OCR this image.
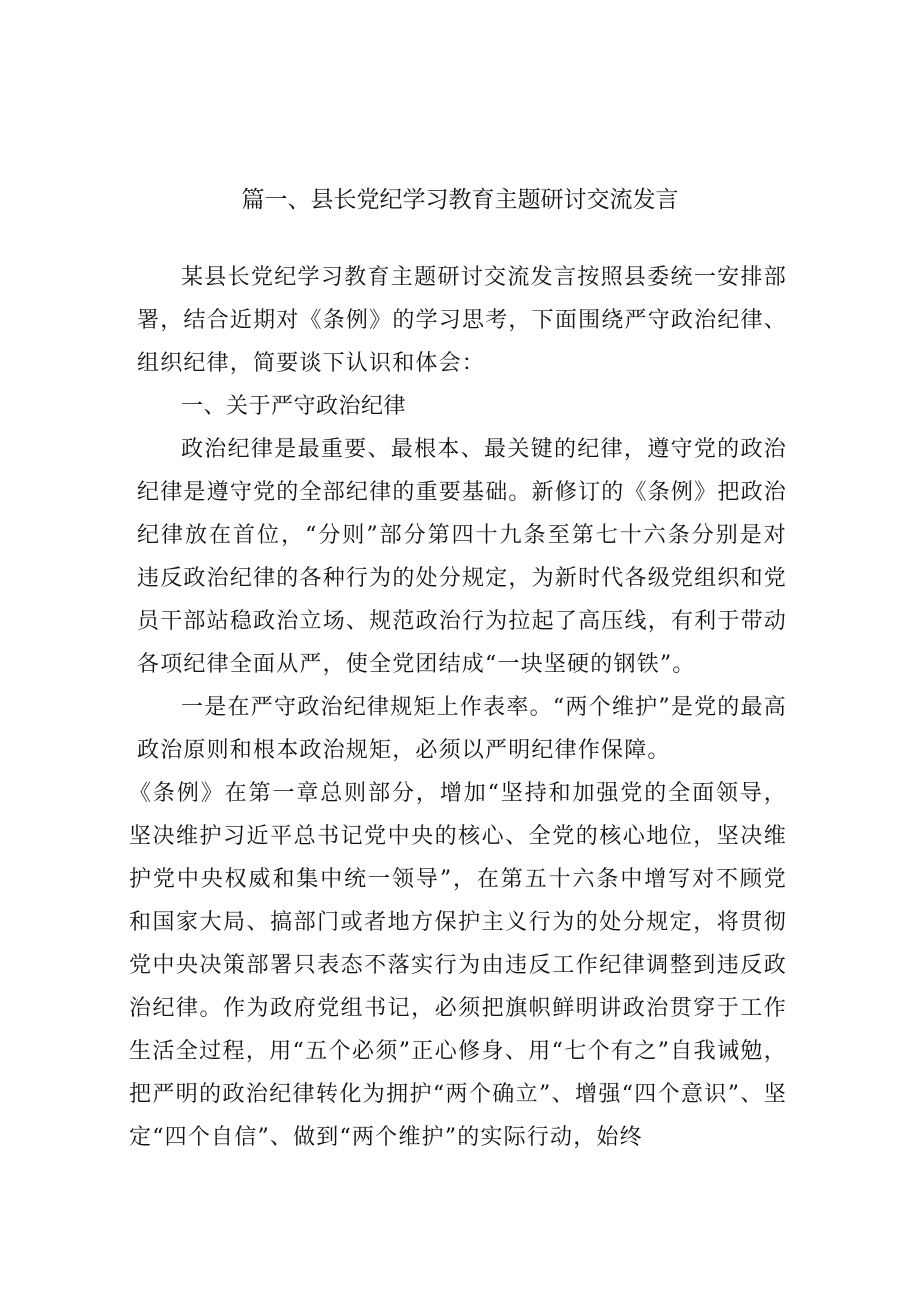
篇一、县长党纪学习教育主题研讨交流发言

某县长党纪学习教育主题研讨交流发言按照县委统一安排部署，结合近期对《条例》的学习思考，下面围绕严守政治纪律、组织纪律，简要谈下认识和体会：

一、关于严守政治纪律

政治纪律是最重要、最根本、最关键的纪律，遵守党的政治纪律是遵守党的全部纪律的重要基础。新修订的《条例》把政治纪律放在首位，“分则”部分第四十九条至第七十六条分别是对违反政治纪律的各种行为的处分规定，为新时代各级党组织和党员干部站稳政治立场、规范政治行为拉起了高压线，有利于带动各项纪律全面从严，使全党团结成“一块坚硬的钢铁”。

一是在严守政治纪律规矩上作表率。“两个维护”是党的最高政治原则和根本政治规矩，必须以严明纪律作保障。

《条例》在第一章总则部分，增加“坚持和加强党的全面领导，坚决维护习近平总书记党中央的核心、全党的核心地位，坚决维护党中央权威和集中统一领导”，在第五十六条中增写对不顾党和国家大局、搞部门或者地方保护主义行为的处分规定，将贯彻党中央决策部署只表态不落实行为由违反工作纪律调整到违反政治纪律。作为政府党组书记，必须把旗帜鲜明讲政治贯穿于工作生活全过程，用“五个必须”正心修身、用“七个有之”自我诫勉，把严明的政治纪律转化为拥护“两个确立”、增强“四个意识”、坚定“四个自信”、做到“两个维护”的实际行动，始终
